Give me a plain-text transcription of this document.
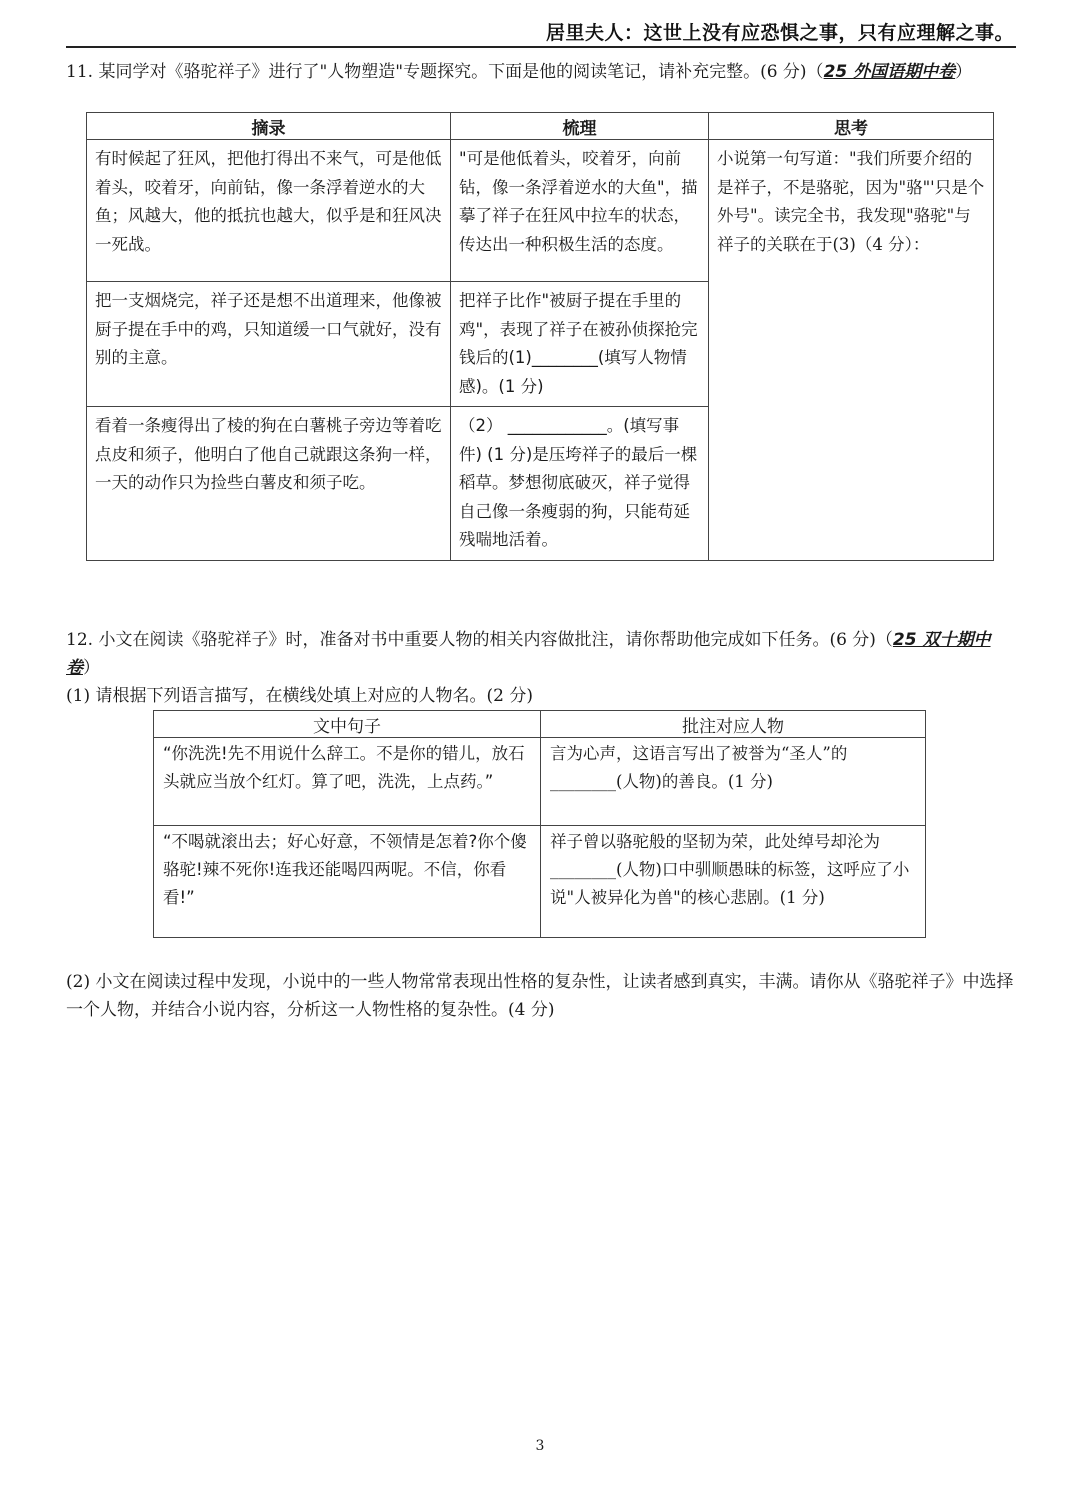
居里夫人：这世上没有应恐惧之事，只有应理解之事。
11. 某同学对《骆驼祥子》进行了"人物塑造"专题探究。下面是他的阅读笔记，请补充完整。(6 分)（25 外国语期中卷）
摘录	梳理	思考
有时候起了狂风，把他打得出不来气，可是他低着头，咬着牙，向前钻，像一条浮着逆水的大鱼；风越大，他的抵抗也越大，似乎是和狂风决一死战。	"可是他低着头，咬着牙，向前钻，像一条浮着逆水的大鱼"，描摹了祥子在狂风中拉车的状态，传达出一种积极生活的态度。	小说第一句写道："我们所要介绍的是祥子，不是骆驼，因为"骆"'只是个外号"。读完全书，我发现"骆驼"与祥子的关联在于(3)（4 分）：
把一支烟烧完，祥子还是想不出道理来，他像被厨子提在手中的鸡，只知道缓一口气就好，没有别的主意。	把祥子比作"被厨子提在手里的鸡"，表现了祥子在被孙侦探抢完钱后的(1)________(填写人物情感)。(1 分)	
看着一条瘦得出了棱的狗在白薯桃子旁边等着吃点皮和须子，他明白了他自己就跟这条狗一样，一天的动作只为捡些白薯皮和须子吃。	（2） ____________。(填写事件) (1 分)是压垮祥子的最后一棵稻草。梦想彻底破灭，祥子觉得自己像一条瘦弱的狗，只能苟延残喘地活着。	
12. 小文在阅读《骆驼祥子》时，准备对书中重要人物的相关内容做批注，请你帮助他完成如下任务。(6 分)（25 双十期中卷）
(1) 请根据下列语言描写，在横线处填上对应的人物名。(2 分)
文中句子	批注对应人物
“你洗洗!先不用说什么辞工。不是你的错儿，放石头就应当放个红灯。算了吧，洗洗，上点药。”	言为心声，这语言写出了被誉为“圣人”的________(人物)的善良。(1 分)
“不喝就滚出去；好心好意，不领情是怎着?你个傻骆驼!辣不死你!连我还能喝四两呢。不信，你看看!”	祥子曾以骆驼般的坚韧为荣，此处绰号却沦为________(人物)口中驯顺愚昧的标签，这呼应了小说"人被异化为兽"的核心悲剧。(1 分)
(2) 小文在阅读过程中发现，小说中的一些人物常常表现出性格的复杂性，让读者感到真实，丰满。请你从《骆驼祥子》中选择一个人物，并结合小说内容，分析这一人物性格的复杂性。(4 分)
3
